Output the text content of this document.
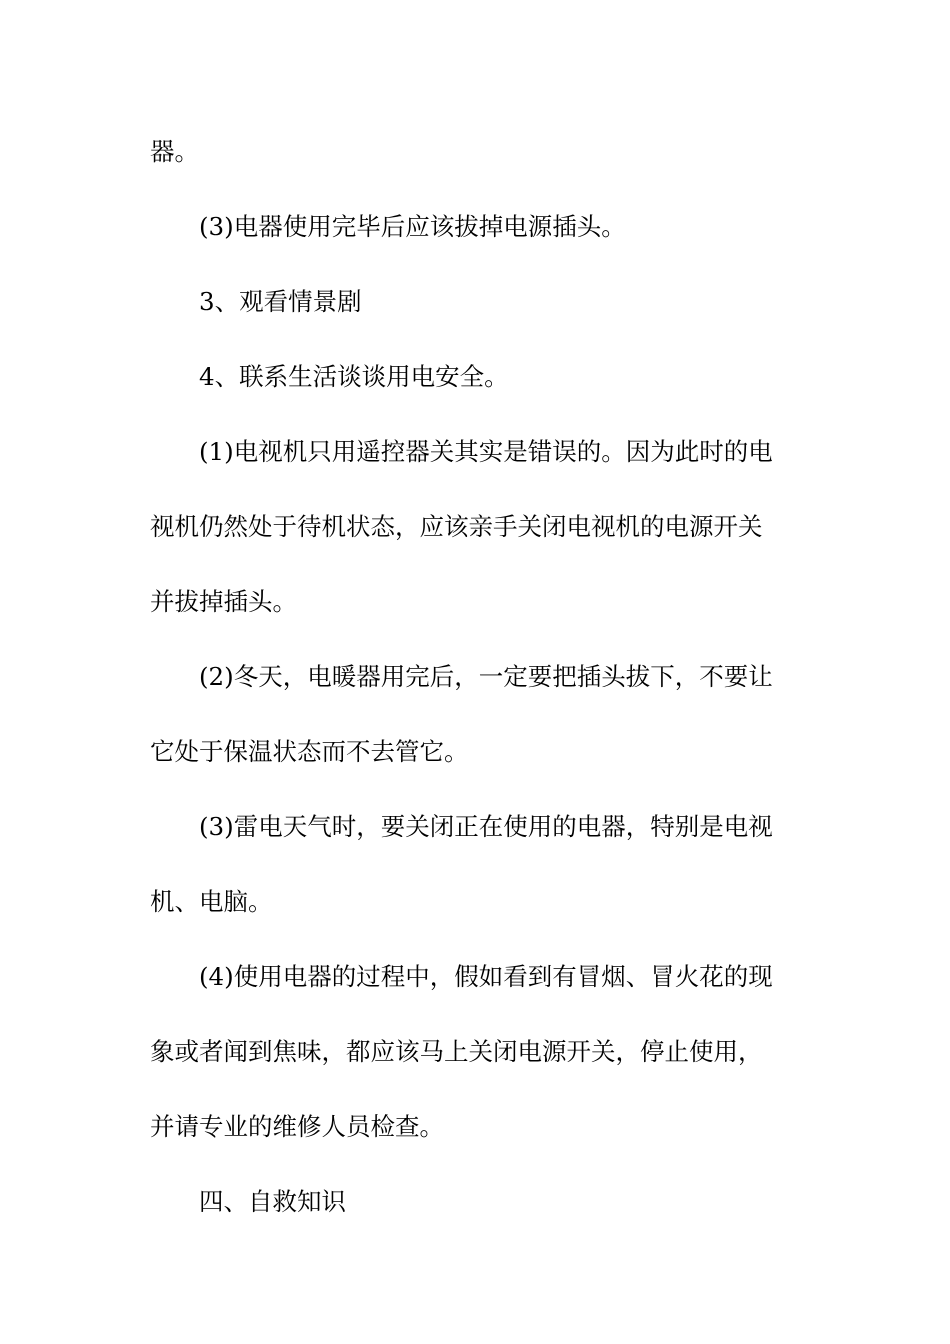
器。
(3)电器使用完毕后应该拔掉电源插头。
3、观看情景剧
4、联系生活谈谈用电安全。
(1)电视机只用遥控器关其实是错误的。因为此时的电
视机仍然处于待机状态，应该亲手关闭电视机的电源开关
并拔掉插头。
(2)冬天，电暖器用完后，一定要把插头拔下，不要让
它处于保温状态而不去管它。
(3)雷电天气时，要关闭正在使用的电器，特别是电视
机、电脑。
(4)使用电器的过程中，假如看到有冒烟、冒火花的现
象或者闻到焦味，都应该马上关闭电源开关，停止使用，
并请专业的维修人员检查。
四、自救知识
